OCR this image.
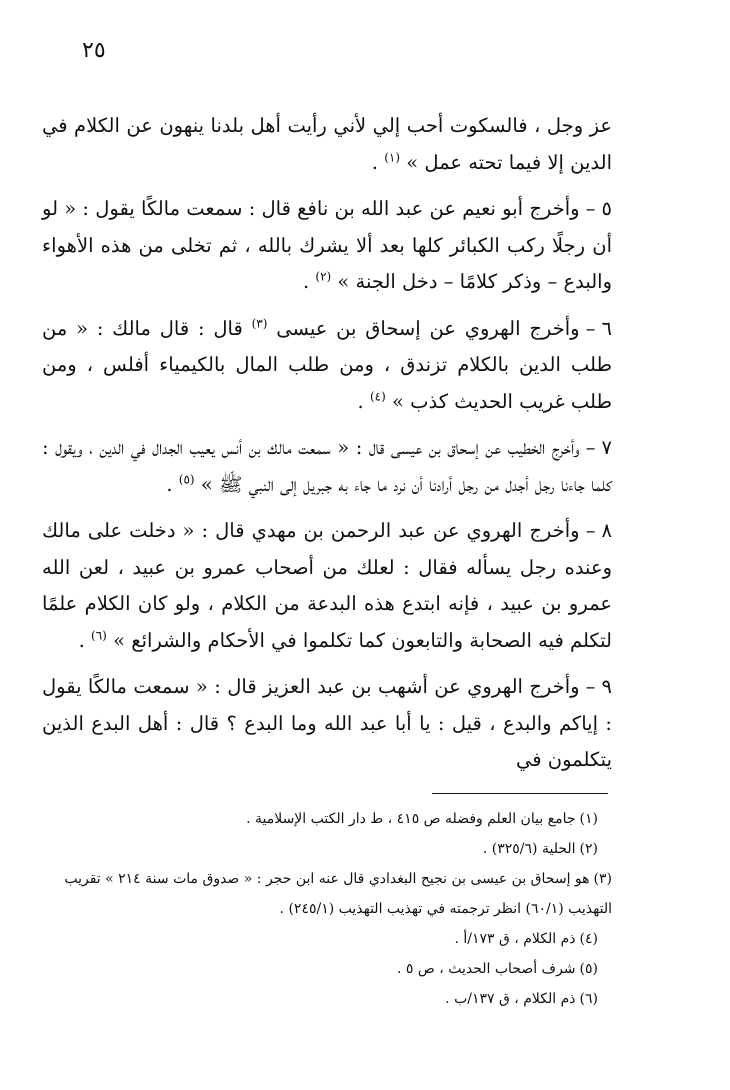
٢٥

عز وجل ، فالسكوت أحب إلي لأني رأيت أهل بلدنا ينهون عن الكلام في الدين إلا فيما تحته عمل » $^{(١)}$ .

٥ –وأخرج أبو نعيم عن عبد الله بن نافع قال : سمعت مالكًا يقول : « لو أن رجلًا ركب الكبائر كلها بعد ألا يشرك بالله ، ثم تخلى من هذه الأهواء والبدع – وذكر كلامًا – دخل الجنة » $^{(٢)}$ .

٦ –وأخرج الهروي عن إسحاق بن عيسى $^{(٣)}$ قال : قال مالك : « من طلب الدين بالكلام تزندق ، ومن طلب المال بالكيمياء أفلس ، ومن طلب غريب الحديث كذب » $^{(٤)}$ .

٧ –وأخرج الخطيب عن إسحاق بن عيسى قال : « سمعت مالك بن أنس يعيب الجدال في الدين ، ويقول : كلما جاءنا رجل أجدل من رجل أرادنا أن نرد ما جاء به جبريل إلى النبي ﷺ » $^{(٥)}$ .

٨ –وأخرج الهروي عن عبد الرحمن بن مهدي قال : « دخلت على مالك وعنده رجل يسأله فقال : لعلك من أصحاب عمرو بن عبيد ، لعن الله عمرو بن عبيد ، فإنه ابتدع هذه البدعة من الكلام ، ولو كان الكلام علمًا لتكلم فيه الصحابة والتابعون كما تكلموا في الأحكام والشرائع » $^{(٦)}$ .

٩ –وأخرج الهروي عن أشهب بن عبد العزيز قال : « سمعت مالكًا يقول : إياكم والبدع ، قيل : يا أبا عبد الله وما البدع ؟ قال : أهل البدع الذين يتكلمون في

(١)جامع بيان العلم وفضله ص ٤١٥ ، ط دار الكتب الإسلامية .
(٢)الحلية (٣٢٥/٦) .
(٣)هو إسحاق بن عيسى بن نجيح البغدادي قال عنه ابن حجر : « صدوق مات سنة ٢١٤ » تقريب التهذيب (٦٠/١) انظر ترجمته في تهذيب التهذيب (٢٤٥/١) .
(٤)ذم الكلام ، ق ١٧٣/أ .
(٥)شرف أصحاب الحديث ، ص ٥ .
(٦)ذم الكلام ، ق ١٣٧/ب .
